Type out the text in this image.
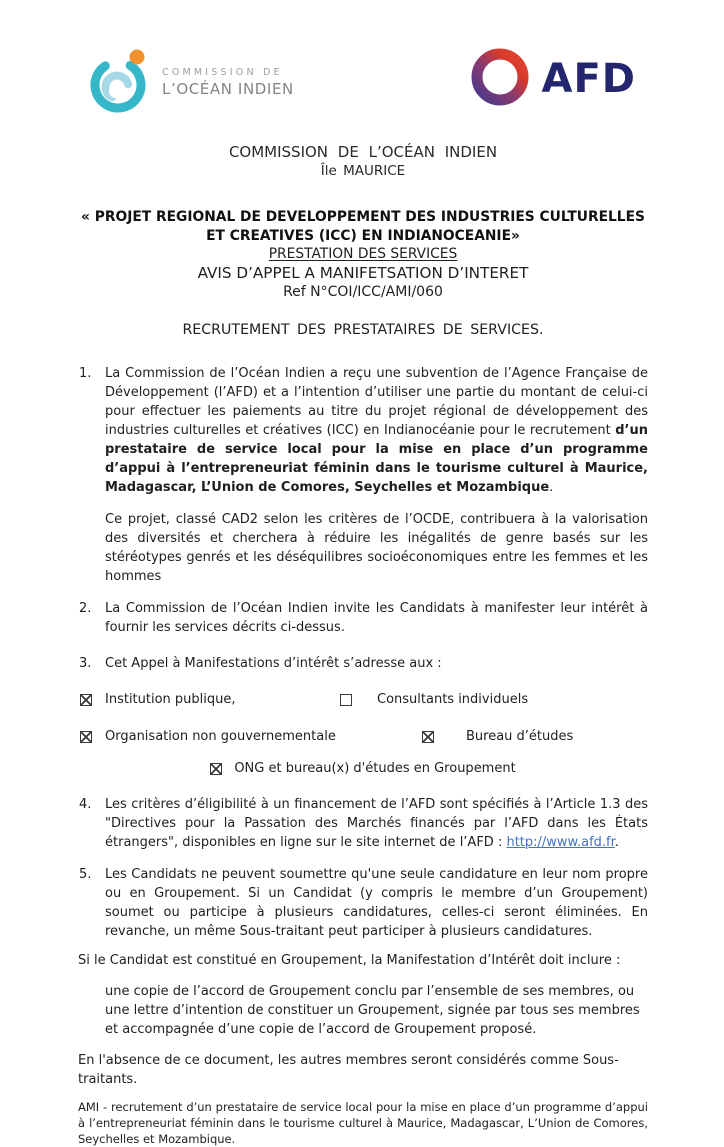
COMMISSION DE
L’OCÉAN INDIEN	AFD
COMMISSION DE L’OCÉAN INDIEN
Île MAURICE
« PROJET REGIONAL DE DEVELOPPEMENT DES INDUSTRIES CULTURELLES ET CREATIVES (ICC) EN INDIANOCEANIE»
PRESTATION DES SERVICES
AVIS D’APPEL A MANIFETSATION D’INTERET
Ref N°COI/ICC/AMI/060
RECRUTEMENT DES PRESTATAIRES DE SERVICES.
1. La Commission de l’Océan Indien a reçu une subvention de l’Agence Française de Développement (l’AFD) et a l’intention d’utiliser une partie du montant de celui-ci pour effectuer les paiements au titre du projet régional de développement des industries culturelles et créatives (ICC) en Indianocéanie pour le recrutement d’un prestataire de service local pour la mise en place d’un programme d’appui à l’entrepreneuriat féminin dans le tourisme culturel à Maurice, Madagascar, L’Union de Comores, Seychelles et Mozambique.
Ce projet, classé CAD2 selon les critères de l’OCDE, contribuera à la valorisation des diversités et cherchera à réduire les inégalités de genre basés sur les stéréotypes genrés et les déséquilibres socioéconomiques entre les femmes et les hommes
2. La Commission de l’Océan Indien invite les Candidats à manifester leur intérêt à fournir les services décrits ci-dessus.
3. Cet Appel à Manifestations d’intérêt s’adresse aux :
Institution publique,	Consultants individuels
Organisation non gouvernementale	Bureau d’études
ONG et bureau(x) d'études en Groupement
4. Les critères d’éligibilité à un financement de l’AFD sont spécifiés à l’Article 1.3 des "Directives pour la Passation des Marchés financés par l’AFD dans les États étrangers", disponibles en ligne sur le site internet de l’AFD : http://www.afd.fr.
5. Les Candidats ne peuvent soumettre qu'une seule candidature en leur nom propre ou en Groupement. Si un Candidat (y compris le membre d’un Groupement) soumet ou participe à plusieurs candidatures, celles-ci seront éliminées. En revanche, un même Sous-traitant peut participer à plusieurs candidatures.
Si le Candidat est constitué en Groupement, la Manifestation d’Intérêt doit inclure :
une copie de l’accord de Groupement conclu par l’ensemble de ses membres, ou
une lettre d’intention de constituer un Groupement, signée par tous ses membres et accompagnée d’une copie de l’accord de Groupement proposé.
En l'absence de ce document, les autres membres seront considérés comme Sous-traitants.
AMI - recrutement d’un prestataire de service local pour la mise en place d’un programme d’appui à l’entrepreneuriat féminin dans le tourisme culturel à Maurice, Madagascar, L’Union de Comores, Seychelles et Mozambique.
